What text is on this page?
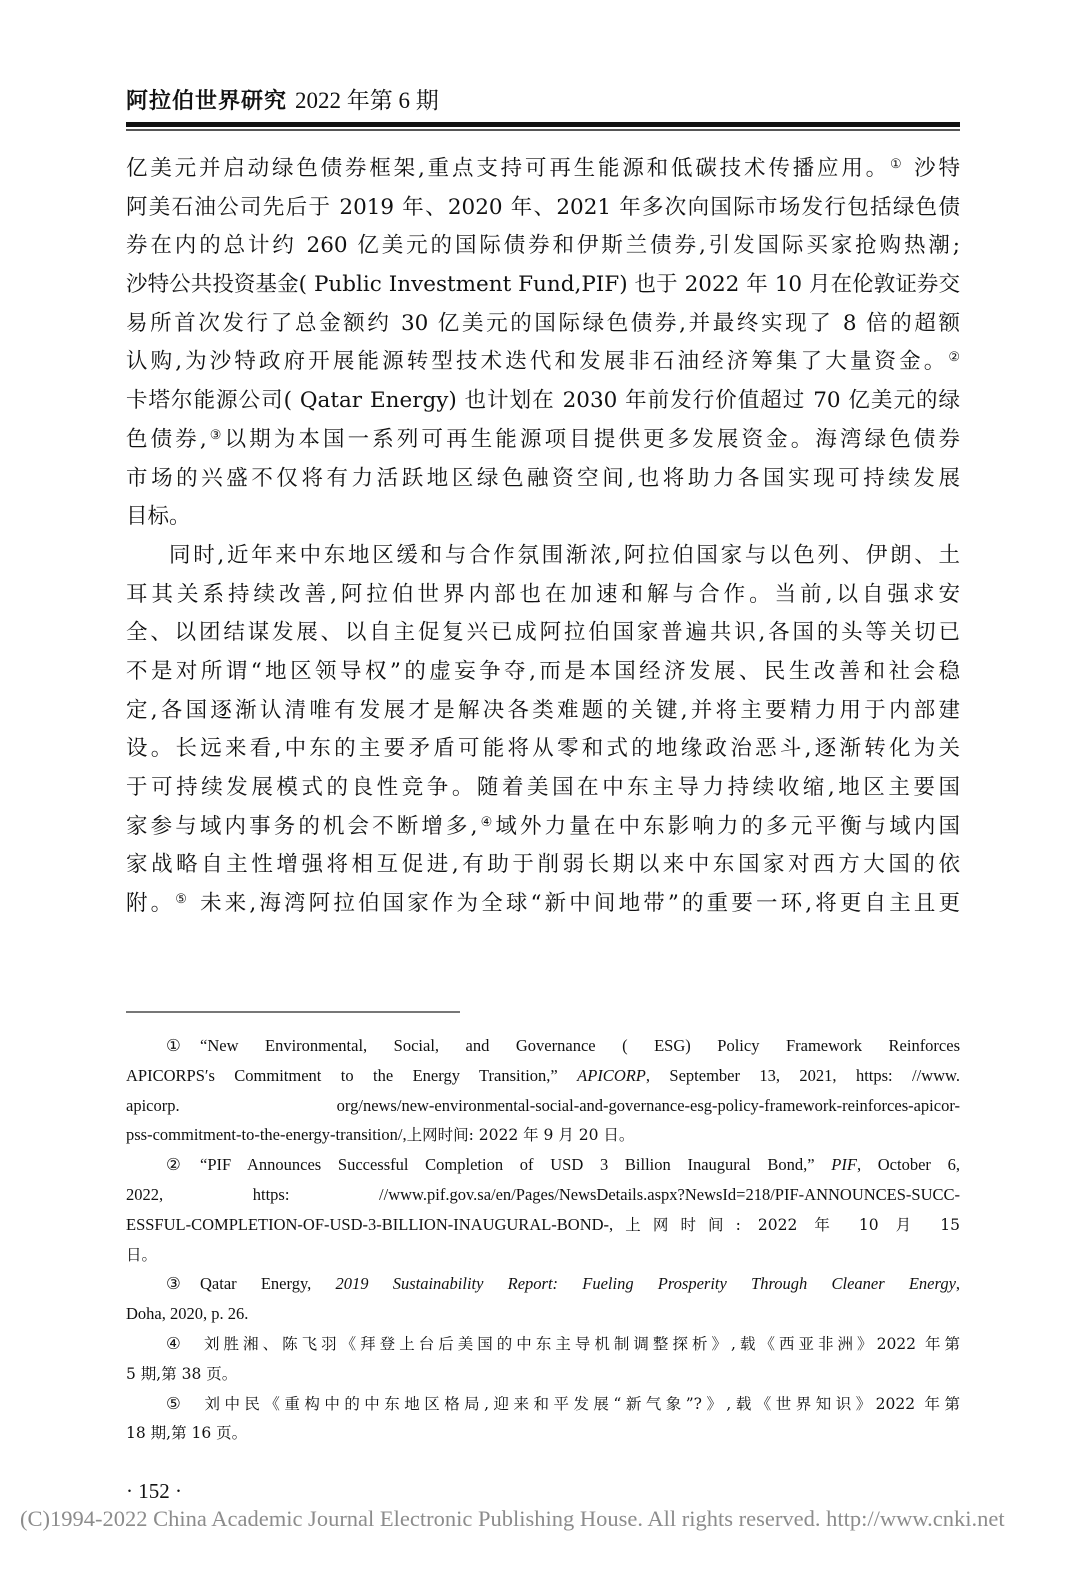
阿拉伯世界研究 2022 年第 6 期
亿美元并启动绿色债券框架,重点支持可再生能源和低碳技术传播应用。① 沙特
阿美石油公司先后于 2019 年、2020 年、2021 年多次向国际市场发行包括绿色债
券在内的总计约 260 亿美元的国际债券和伊斯兰债券,引发国际买家抢购热潮;
沙特公共投资基金( Public Investment Fund,PIF) 也于 2022 年 10 月在伦敦证券交
易所首次发行了总金额约 30 亿美元的国际绿色债券,并最终实现了 8 倍的超额
认购,为沙特政府开展能源转型技术迭代和发展非石油经济筹集了大量资金。②
卡塔尔能源公司( Qatar Energy) 也计划在 2030 年前发行价值超过 70 亿美元的绿
色债券,③以期为本国一系列可再生能源项目提供更多发展资金。海湾绿色债券
市场的兴盛不仅将有力活跃地区绿色融资空间,也将助力各国实现可持续发展
目标。
同时,近年来中东地区缓和与合作氛围渐浓,阿拉伯国家与以色列、伊朗、土
耳其关系持续改善,阿拉伯世界内部也在加速和解与合作。当前,以自强求安
全、以团结谋发展、以自主促复兴已成阿拉伯国家普遍共识,各国的头等关切已
不是对所谓“地区领导权”的虚妄争夺,而是本国经济发展、民生改善和社会稳
定,各国逐渐认清唯有发展才是解决各类难题的关键,并将主要精力用于内部建
设。长远来看,中东的主要矛盾可能将从零和式的地缘政治恶斗,逐渐转化为关
于可持续发展模式的良性竞争。随着美国在中东主导力持续收缩,地区主要国
家参与域内事务的机会不断增多,④域外力量在中东影响力的多元平衡与域内国
家战略自主性增强将相互促进,有助于削弱长期以来中东国家对西方大国的依
附。⑤ 未来,海湾阿拉伯国家作为全球“新中间地带”的重要一环,将更自主且更
① “New Environmental, Social, and Governance ( ESG) Policy Framework Reinforces
APICORPS′s Commitment to the Energy Transition,” APICORP, September 13, 2021, https: //www.
apicorp. org/news/new-environmental-social-and-governance-esg-policy-framework-reinforces-apicor-
pss-commitment-to-the-energy-transition/,上网时间: 2022 年 9 月 20 日。
② “PIF Announces Successful Completion of USD 3 Billion Inaugural Bond,” PIF, October 6,
2022, https: //www.pif.gov.sa/en/Pages/NewsDetails.aspx?NewsId=218/PIF-ANNOUNCES-SUCC-
ESSFUL-COMPLETION-OF-USD-3-BILLION-INAUGURAL-BOND-,上网时间: 2022 年 10 月 15
日。
③ Qatar Energy, 2019 Sustainability Report: Fueling Prosperity Through Cleaner Energy,
Doha, 2020, p. 26.
④ 刘胜湘、陈飞羽《拜登上台后美国的中东主导机制调整探析》,载《西亚非洲》2022 年第
5 期,第 38 页。
⑤ 刘中民《重构中的中东地区格局,迎来和平发展“新气象”?》,载《世界知识》2022 年第
18 期,第 16 页。
· 152 ·
(C)1994-2022 China Academic Journal Electronic Publishing House. All rights reserved. http://www.cnki.net
